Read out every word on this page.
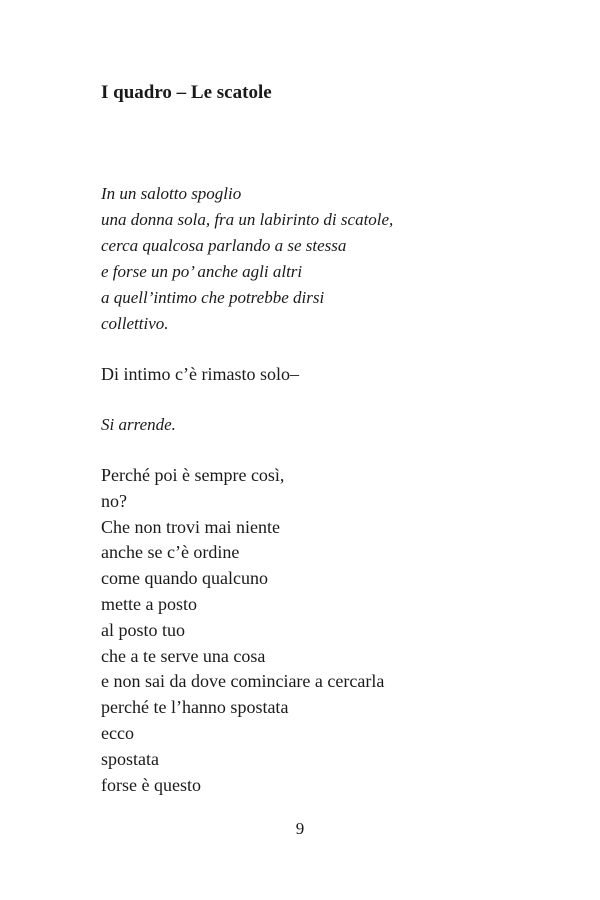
I quadro – Le scatole
In un salotto spoglio
una donna sola, fra un labirinto di scatole,
cerca qualcosa parlando a se stessa
e forse un po’ anche agli altri
a quell’intimo che potrebbe dirsi
collettivo.
Di intimo c’è rimasto solo–
Si arrende.
Perché poi è sempre così,
no?
Che non trovi mai niente
anche se c’è ordine
come quando qualcuno
mette a posto
al posto tuo
che a te serve una cosa
e non sai da dove cominciare a cercarla
perché te l’hanno spostata
ecco
spostata
forse è questo
9
